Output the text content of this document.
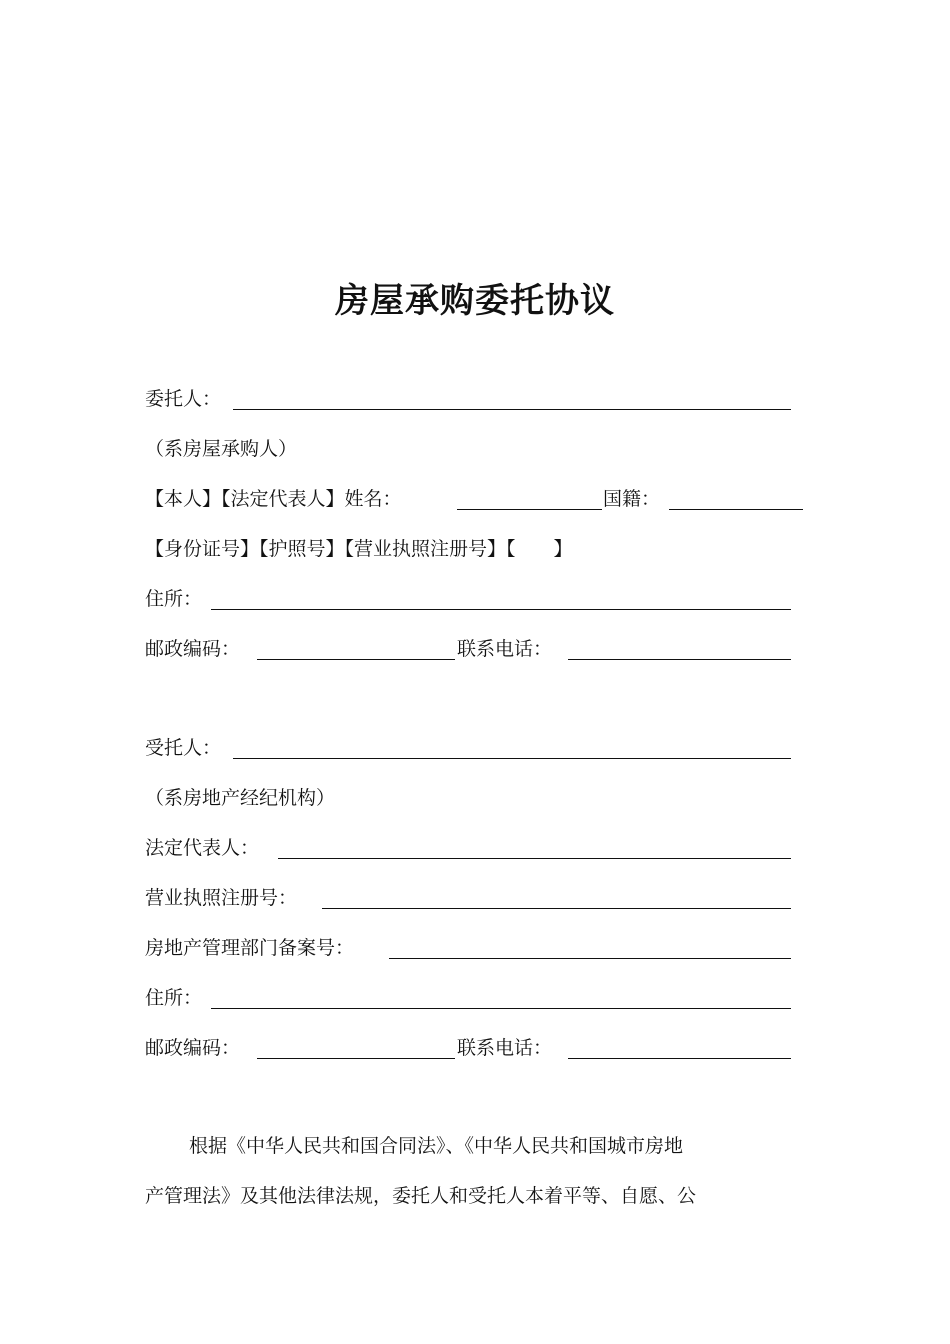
房屋承购委托协议
委托人：
（系房屋承购人）
【本人】【法定代表人】姓名：	国籍：
【身份证号】【护照号】【营业执照注册号】【　　】
住所：
邮政编码：	联系电话：
受托人：
（系房地产经纪机构）
法定代表人：
营业执照注册号：
房地产管理部门备案号：
住所：
邮政编码：	联系电话：
根据《中华人民共和国合同法》、《中华人民共和国城市房地
产管理法》及其他法律法规，委托人和受托人本着平等、自愿、公
